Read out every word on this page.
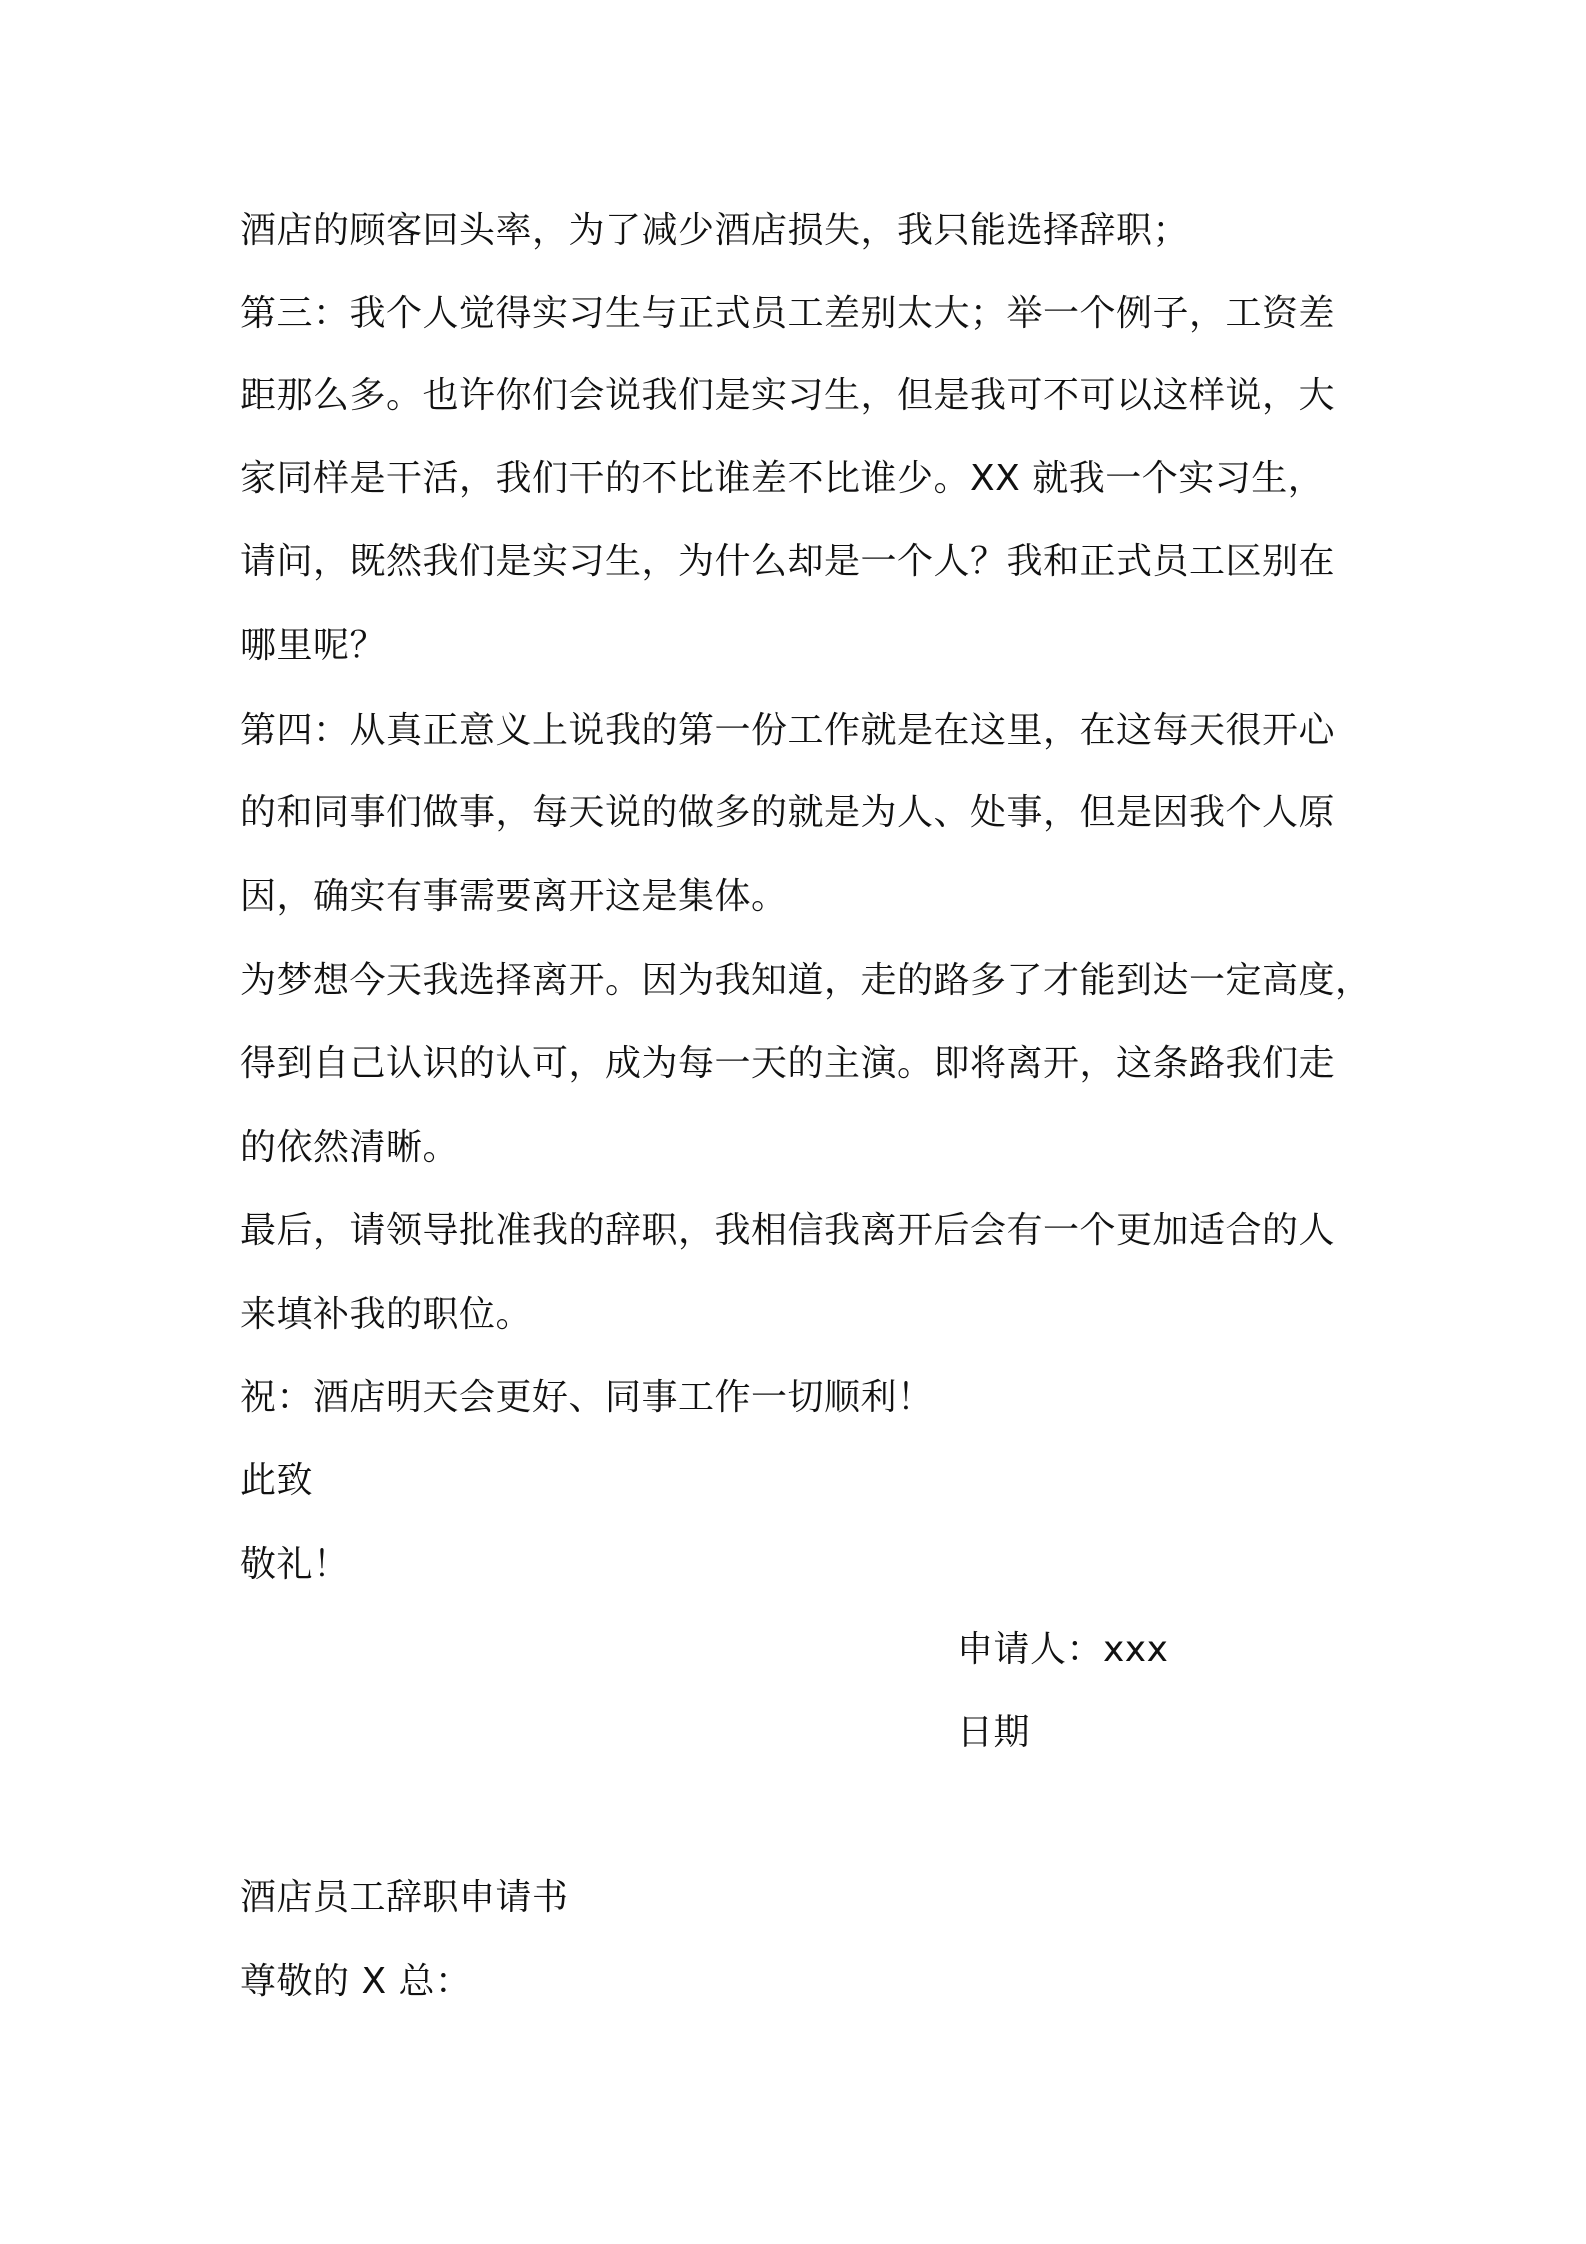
酒店的顾客回头率，为了减少酒店损失，我只能选择辞职；
第三：我个人觉得实习生与正式员工差别太大；举一个例子，工资差
距那么多。也许你们会说我们是实习生，但是我可不可以这样说，大
家同样是干活，我们干的不比谁差不比谁少。XX 就我一个实习生，
请问，既然我们是实习生，为什么却是一个人？我和正式员工区别在
哪里呢？
第四：从真正意义上说我的第一份工作就是在这里，在这每天很开心
的和同事们做事，每天说的做多的就是为人、处事，但是因我个人原
因，确实有事需要离开这是集体。
为梦想今天我选择离开。因为我知道，走的路多了才能到达一定高度，
得到自己认识的认可，成为每一天的主演。即将离开，这条路我们走
的依然清晰。
最后，请领导批准我的辞职，我相信我离开后会有一个更加适合的人
来填补我的职位。
祝：酒店明天会更好、同事工作一切顺利！
此致
敬礼！
申请人：xxx
日期
酒店员工辞职申请书
尊敬的 X 总：
